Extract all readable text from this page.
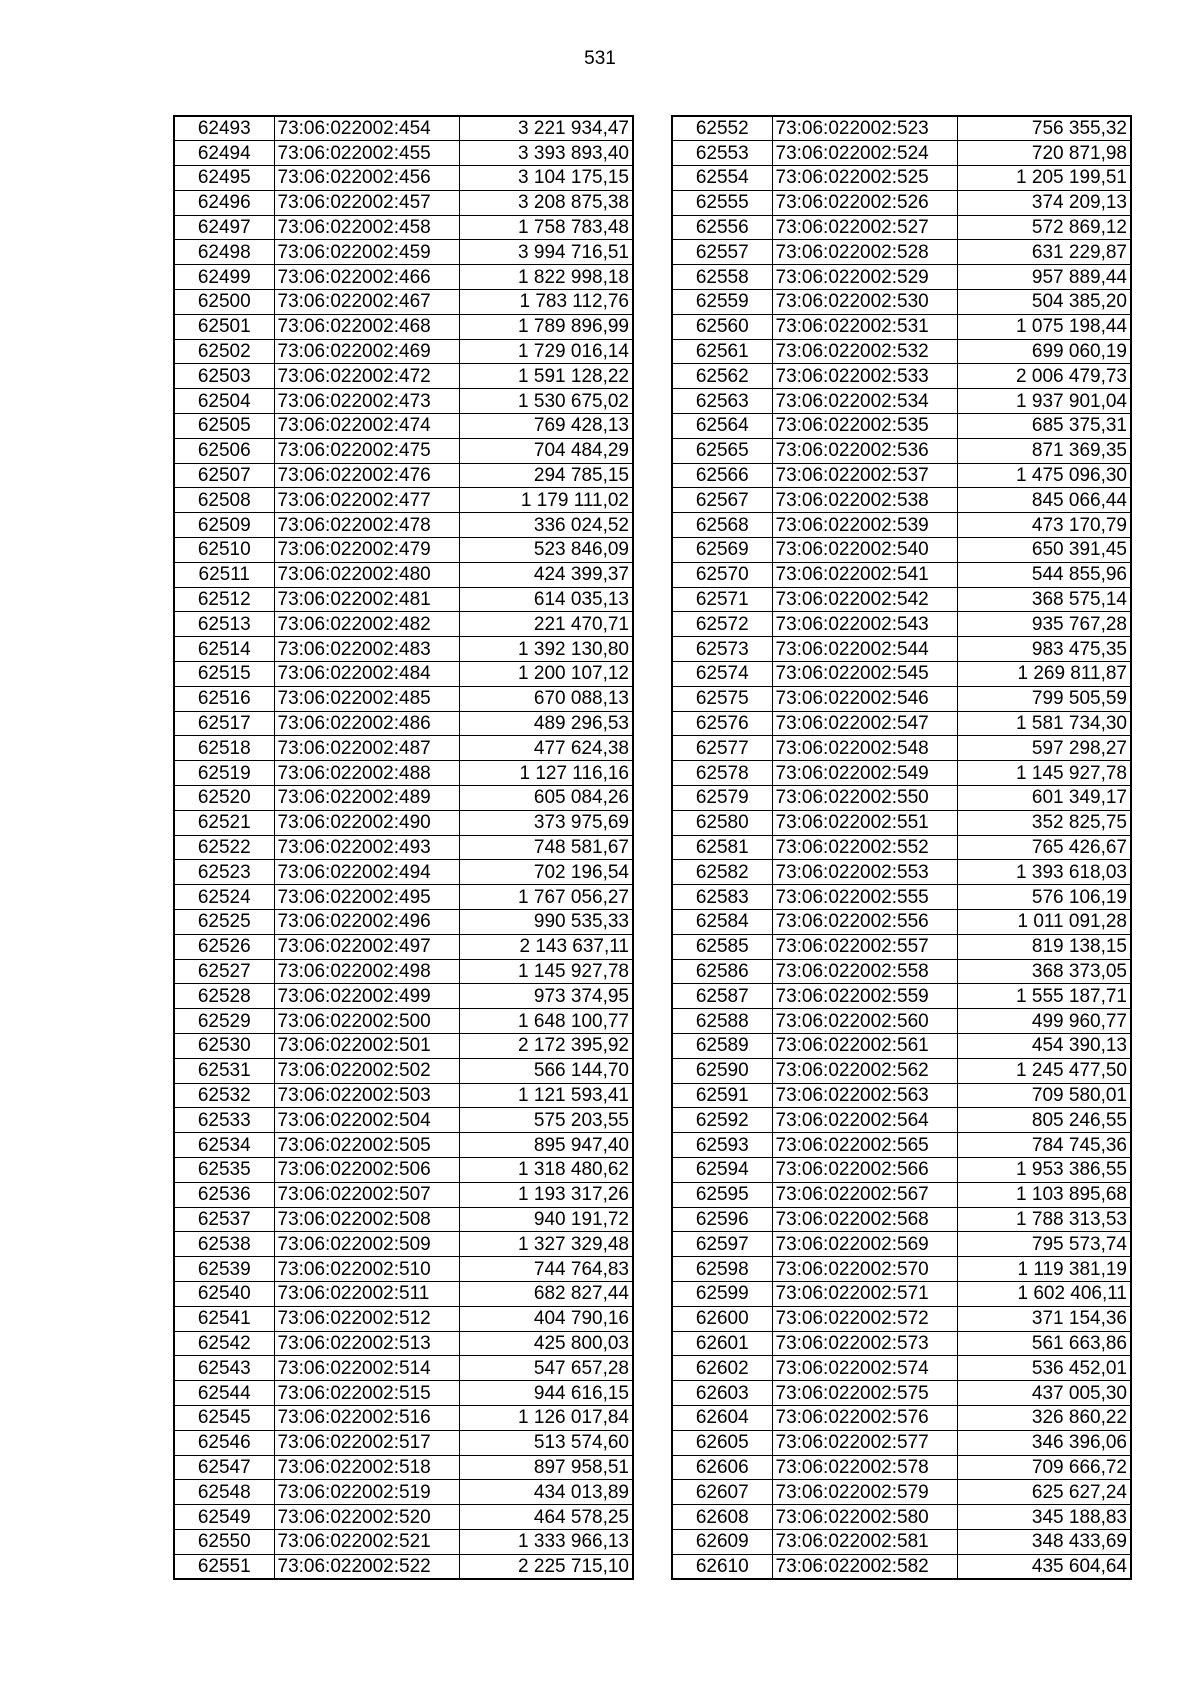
531
62493	73:06:022002:454	3 221 934,47
62494	73:06:022002:455	3 393 893,40
62495	73:06:022002:456	3 104 175,15
62496	73:06:022002:457	3 208 875,38
62497	73:06:022002:458	1 758 783,48
62498	73:06:022002:459	3 994 716,51
62499	73:06:022002:466	1 822 998,18
62500	73:06:022002:467	1 783 112,76
62501	73:06:022002:468	1 789 896,99
62502	73:06:022002:469	1 729 016,14
62503	73:06:022002:472	1 591 128,22
62504	73:06:022002:473	1 530 675,02
62505	73:06:022002:474	769 428,13
62506	73:06:022002:475	704 484,29
62507	73:06:022002:476	294 785,15
62508	73:06:022002:477	1 179 111,02
62509	73:06:022002:478	336 024,52
62510	73:06:022002:479	523 846,09
62511	73:06:022002:480	424 399,37
62512	73:06:022002:481	614 035,13
62513	73:06:022002:482	221 470,71
62514	73:06:022002:483	1 392 130,80
62515	73:06:022002:484	1 200 107,12
62516	73:06:022002:485	670 088,13
62517	73:06:022002:486	489 296,53
62518	73:06:022002:487	477 624,38
62519	73:06:022002:488	1 127 116,16
62520	73:06:022002:489	605 084,26
62521	73:06:022002:490	373 975,69
62522	73:06:022002:493	748 581,67
62523	73:06:022002:494	702 196,54
62524	73:06:022002:495	1 767 056,27
62525	73:06:022002:496	990 535,33
62526	73:06:022002:497	2 143 637,11
62527	73:06:022002:498	1 145 927,78
62528	73:06:022002:499	973 374,95
62529	73:06:022002:500	1 648 100,77
62530	73:06:022002:501	2 172 395,92
62531	73:06:022002:502	566 144,70
62532	73:06:022002:503	1 121 593,41
62533	73:06:022002:504	575 203,55
62534	73:06:022002:505	895 947,40
62535	73:06:022002:506	1 318 480,62
62536	73:06:022002:507	1 193 317,26
62537	73:06:022002:508	940 191,72
62538	73:06:022002:509	1 327 329,48
62539	73:06:022002:510	744 764,83
62540	73:06:022002:511	682 827,44
62541	73:06:022002:512	404 790,16
62542	73:06:022002:513	425 800,03
62543	73:06:022002:514	547 657,28
62544	73:06:022002:515	944 616,15
62545	73:06:022002:516	1 126 017,84
62546	73:06:022002:517	513 574,60
62547	73:06:022002:518	897 958,51
62548	73:06:022002:519	434 013,89
62549	73:06:022002:520	464 578,25
62550	73:06:022002:521	1 333 966,13
62551	73:06:022002:522	2 225 715,10
62552	73:06:022002:523	756 355,32
62553	73:06:022002:524	720 871,98
62554	73:06:022002:525	1 205 199,51
62555	73:06:022002:526	374 209,13
62556	73:06:022002:527	572 869,12
62557	73:06:022002:528	631 229,87
62558	73:06:022002:529	957 889,44
62559	73:06:022002:530	504 385,20
62560	73:06:022002:531	1 075 198,44
62561	73:06:022002:532	699 060,19
62562	73:06:022002:533	2 006 479,73
62563	73:06:022002:534	1 937 901,04
62564	73:06:022002:535	685 375,31
62565	73:06:022002:536	871 369,35
62566	73:06:022002:537	1 475 096,30
62567	73:06:022002:538	845 066,44
62568	73:06:022002:539	473 170,79
62569	73:06:022002:540	650 391,45
62570	73:06:022002:541	544 855,96
62571	73:06:022002:542	368 575,14
62572	73:06:022002:543	935 767,28
62573	73:06:022002:544	983 475,35
62574	73:06:022002:545	1 269 811,87
62575	73:06:022002:546	799 505,59
62576	73:06:022002:547	1 581 734,30
62577	73:06:022002:548	597 298,27
62578	73:06:022002:549	1 145 927,78
62579	73:06:022002:550	601 349,17
62580	73:06:022002:551	352 825,75
62581	73:06:022002:552	765 426,67
62582	73:06:022002:553	1 393 618,03
62583	73:06:022002:555	576 106,19
62584	73:06:022002:556	1 011 091,28
62585	73:06:022002:557	819 138,15
62586	73:06:022002:558	368 373,05
62587	73:06:022002:559	1 555 187,71
62588	73:06:022002:560	499 960,77
62589	73:06:022002:561	454 390,13
62590	73:06:022002:562	1 245 477,50
62591	73:06:022002:563	709 580,01
62592	73:06:022002:564	805 246,55
62593	73:06:022002:565	784 745,36
62594	73:06:022002:566	1 953 386,55
62595	73:06:022002:567	1 103 895,68
62596	73:06:022002:568	1 788 313,53
62597	73:06:022002:569	795 573,74
62598	73:06:022002:570	1 119 381,19
62599	73:06:022002:571	1 602 406,11
62600	73:06:022002:572	371 154,36
62601	73:06:022002:573	561 663,86
62602	73:06:022002:574	536 452,01
62603	73:06:022002:575	437 005,30
62604	73:06:022002:576	326 860,22
62605	73:06:022002:577	346 396,06
62606	73:06:022002:578	709 666,72
62607	73:06:022002:579	625 627,24
62608	73:06:022002:580	345 188,83
62609	73:06:022002:581	348 433,69
62610	73:06:022002:582	435 604,64
